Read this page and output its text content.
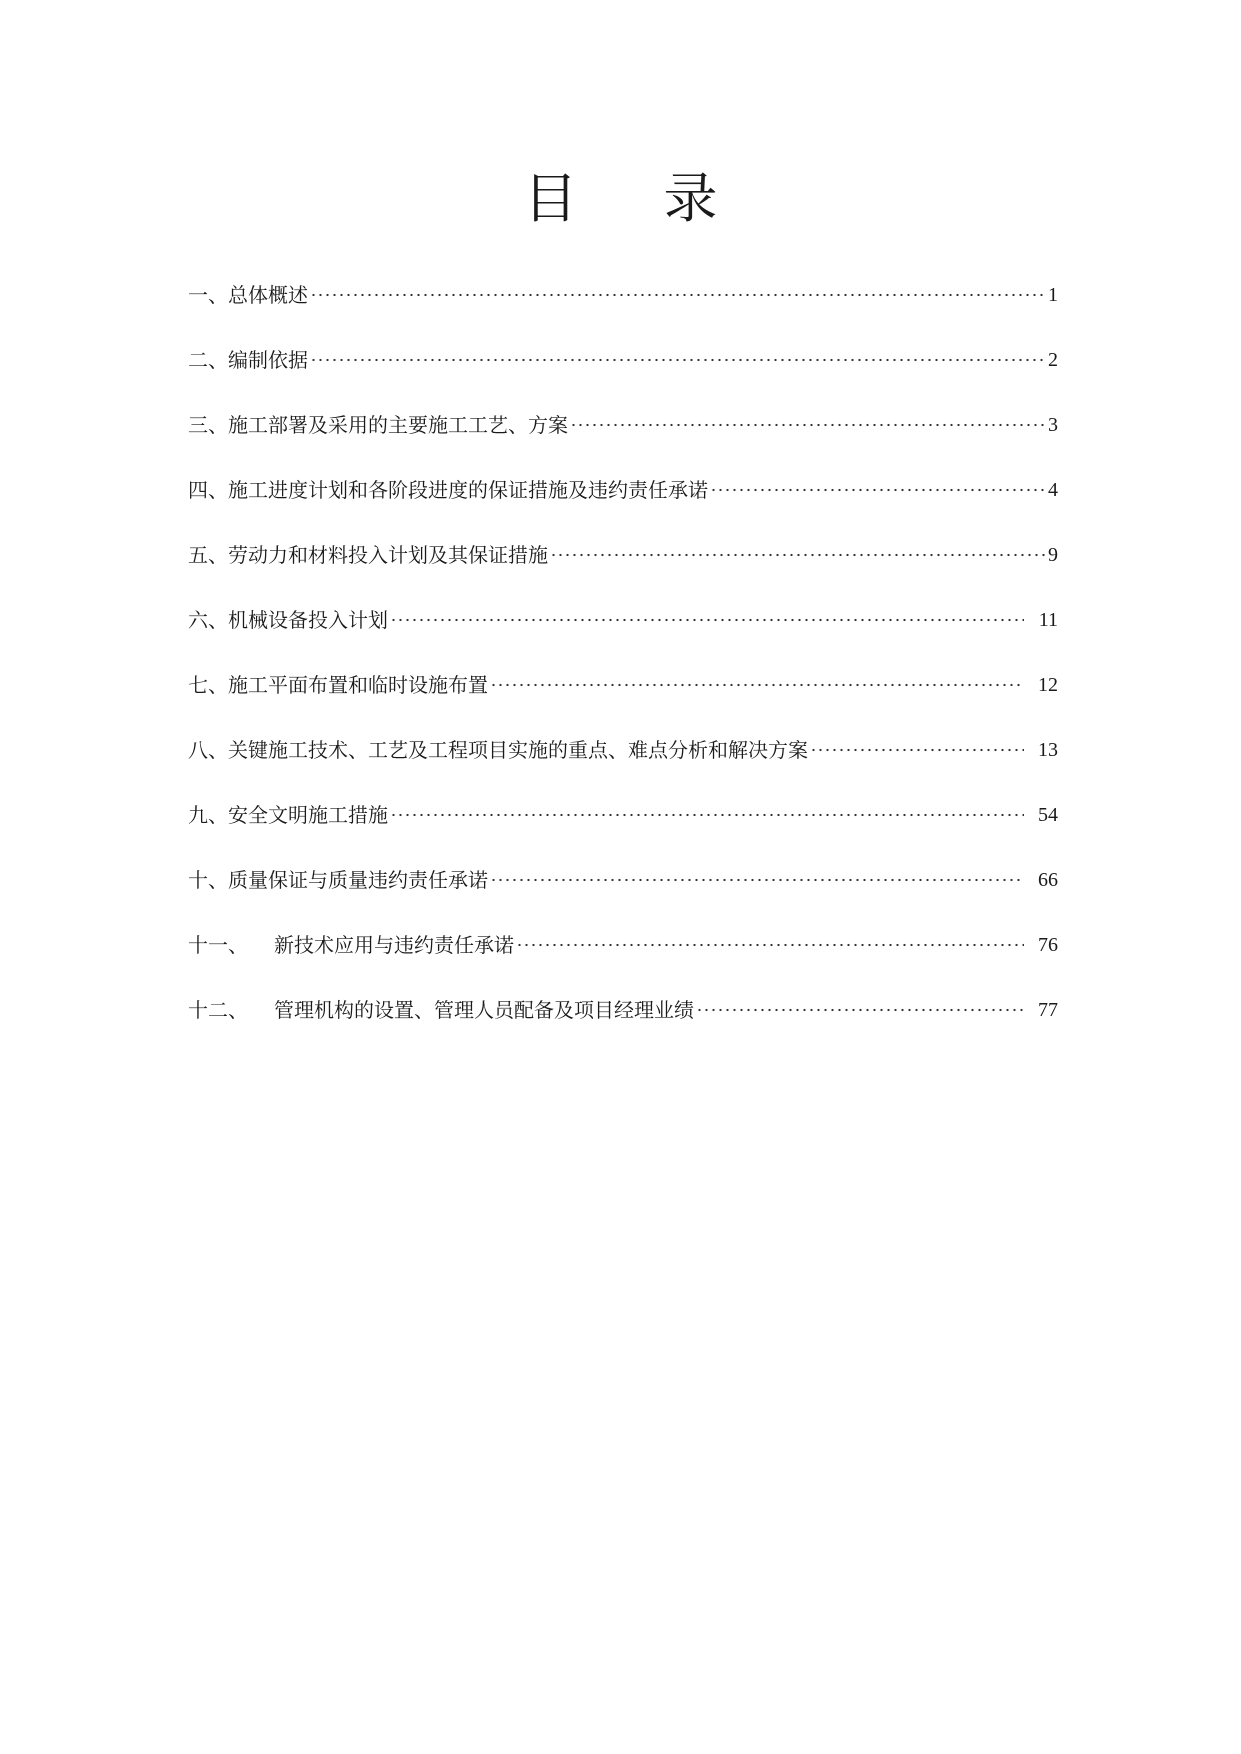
目 录
一、 总体概述	1
二、 编制依据	2
三、 施工部署及采用的主要施工工艺、方案	3
四、 施工进度计划和各阶段进度的保证措施及违约责任承诺	4
五、 劳动力和材料投入计划及其保证措施	9
六、 机械设备投入计划	11
七、 施工平面布置和临时设施布置	12
八、 关键施工技术、工艺及工程项目实施的重点、难点分析和解决方案	13
九、 安全文明施工措施	54
十、 质量保证与质量违约责任承诺	66
十一、	新技术应用与违约责任承诺	76
十二、	管理机构的设置、管理人员配备及项目经理业绩	77
